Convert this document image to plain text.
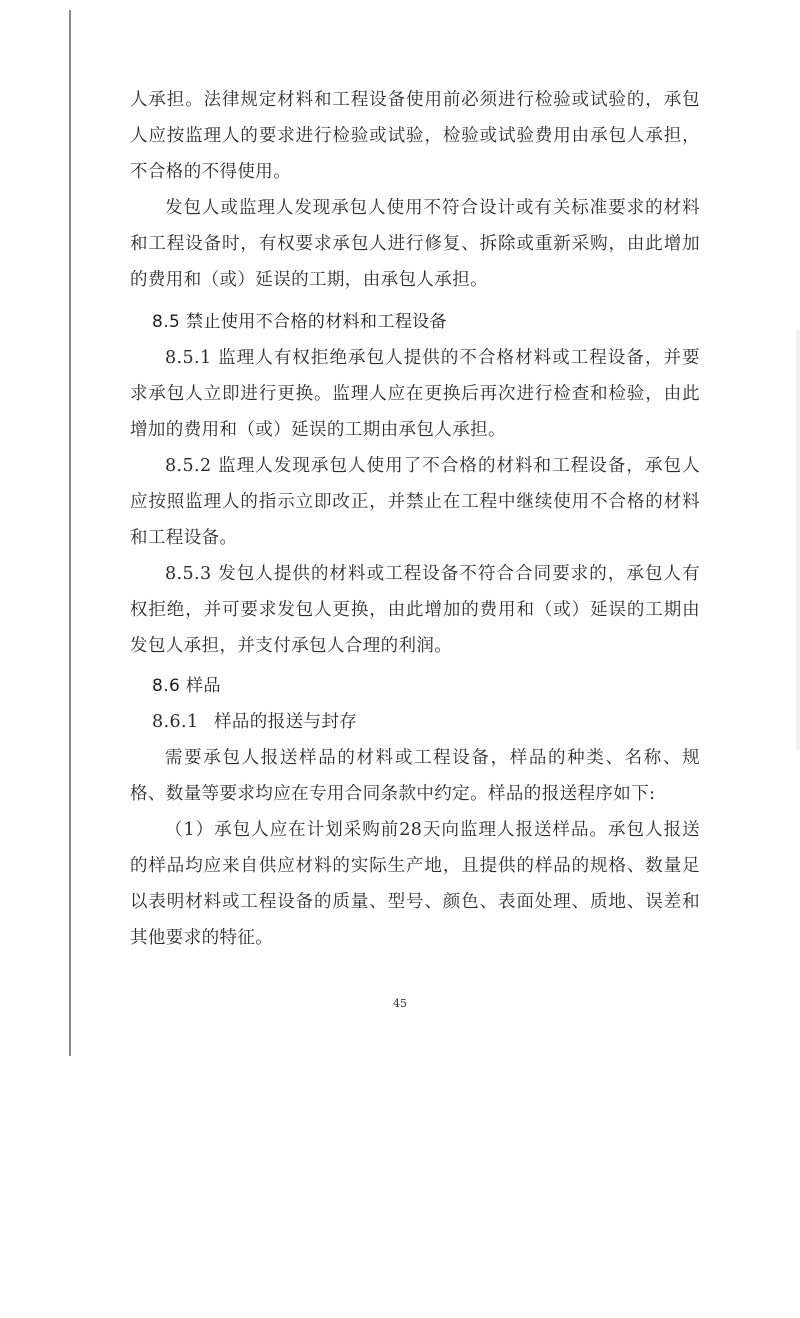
人承担。法律规定材料和工程设备使用前必须进行检验或试验的，承包人应按监理人的要求进行检验或试验，检验或试验费用由承包人承担，不合格的不得使用。

发包人或监理人发现承包人使用不符合设计或有关标准要求的材料和工程设备时，有权要求承包人进行修复、拆除或重新采购，由此增加的费用和（或）延误的工期，由承包人承担。

8.5 禁止使用不合格的材料和工程设备

8.5.1 监理人有权拒绝承包人提供的不合格材料或工程设备，并要求承包人立即进行更换。监理人应在更换后再次进行检查和检验，由此增加的费用和（或）延误的工期由承包人承担。

8.5.2 监理人发现承包人使用了不合格的材料和工程设备，承包人应按照监理人的指示立即改正，并禁止在工程中继续使用不合格的材料和工程设备。

8.5.3 发包人提供的材料或工程设备不符合合同要求的，承包人有权拒绝，并可要求发包人更换，由此增加的费用和（或）延误的工期由发包人承担，并支付承包人合理的利润。

8.6 样品

8.6.1 样品的报送与封存

需要承包人报送样品的材料或工程设备，样品的种类、名称、规格、数量等要求均应在专用合同条款中约定。样品的报送程序如下:

（1）承包人应在计划采购前28天向监理人报送样品。承包人报送的样品均应来自供应材料的实际生产地，且提供的样品的规格、数量足以表明材料或工程设备的质量、型号、颜色、表面处理、质地、误差和其他要求的特征。

45
